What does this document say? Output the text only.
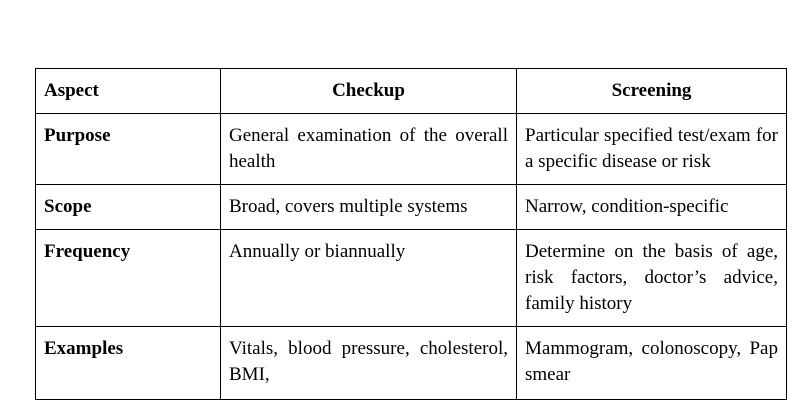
Aspect	Checkup	Screening
Purpose	General examination of the overall health	Particular specified test/exam for a specific disease or risk
Scope	Broad, covers multiple systems	Narrow, condition-specific
Frequency	Annually or biannually	Determine on the basis of age, risk factors, doctor’s advice, family history
Examples	Vitals, blood pressure, cholesterol, BMI,	Mammogram, colonoscopy, Pap smear
